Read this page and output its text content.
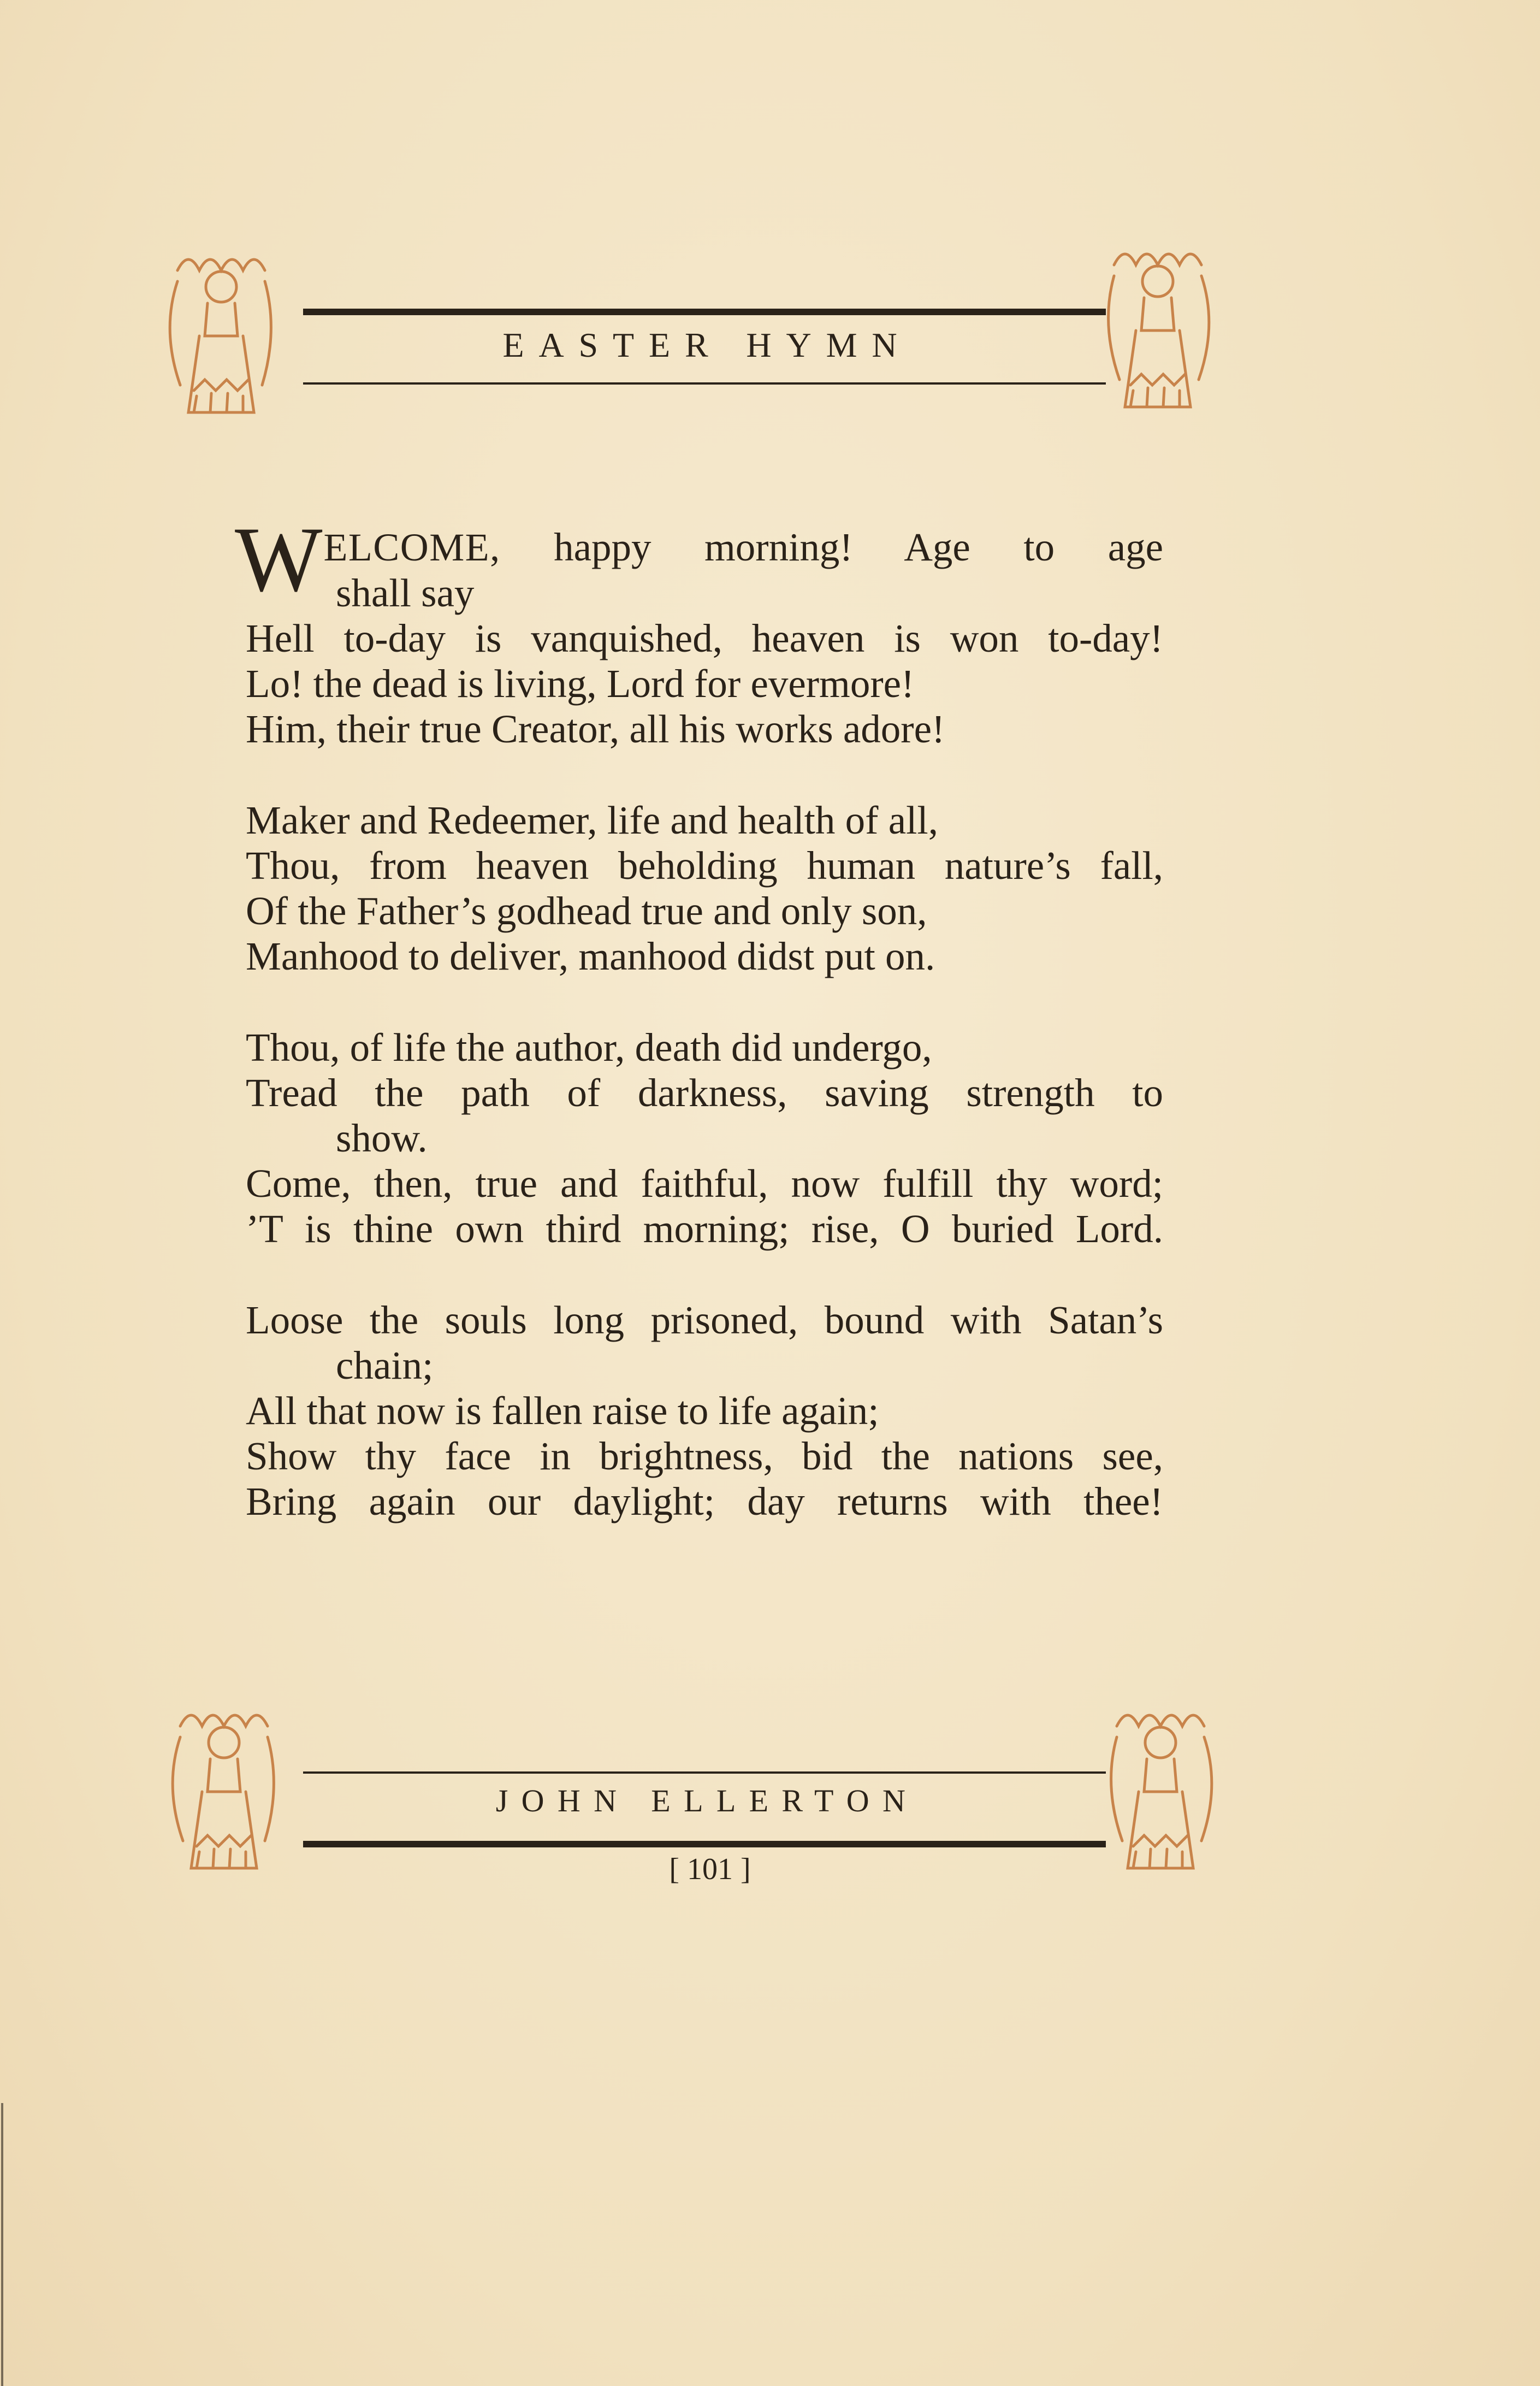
EASTER HYMN
WELCOME, happy morning! Age to age
shall say
Hell to-day is vanquished, heaven is won to-day!
Lo! the dead is living, Lord for evermore!
Him, their true Creator, all his works adore!
Maker and Redeemer, life and health of all,
Thou, from heaven beholding human nature’s fall,
Of the Father’s godhead true and only son,
Manhood to deliver, manhood didst put on.
Thou, of life the author, death did undergo,
Tread the path of darkness, saving strength to
show.
Come, then, true and faithful, now fulfill thy word;
’T is thine own third morning; rise, O buried Lord.
Loose the souls long prisoned, bound with Satan’s
chain;
All that now is fallen raise to life again;
Show thy face in brightness, bid the nations see,
Bring again our daylight; day returns with thee!
JOHN ELLERTON
[ 101 ]
